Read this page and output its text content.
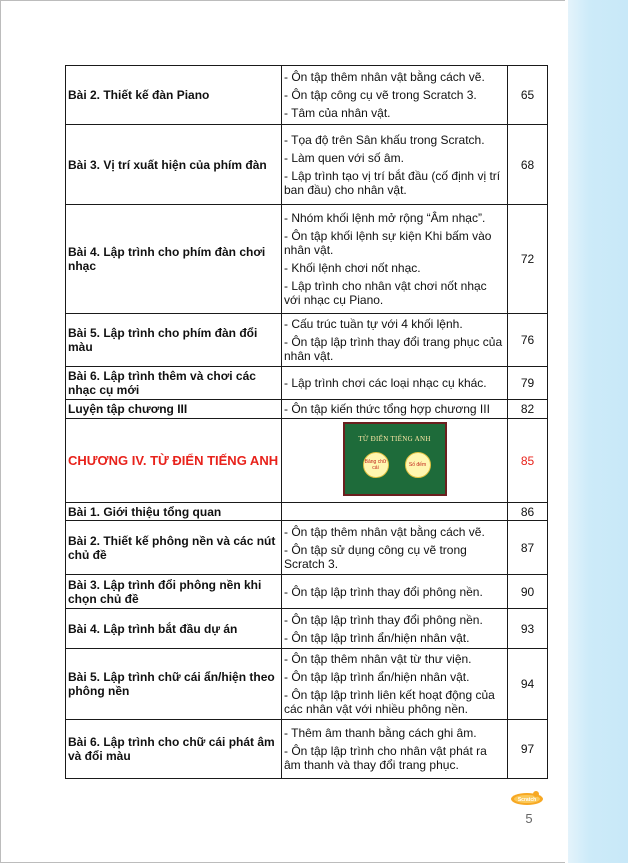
Bài 2. Thiết kế đàn Piano	- Ôn tập thêm nhân vật bằng cách vẽ.
- Ôn tập công cụ vẽ trong Scratch 3.
- Tâm của nhân vật.	65
Bài 3. Vị trí xuất hiện của phím đàn	- Tọa độ trên Sân khấu trong Scratch.
- Làm quen với số âm.
- Lập trình tạo vị trí bắt đầu (cố định vị trí ban đầu) cho nhân vật.	68
Bài 4. Lập trình cho phím đàn chơi nhạc	- Nhóm khối lệnh mở rộng “Âm nhạc”.
- Ôn tập khối lệnh sự kiện Khi bấm vào nhân vật.
- Khối lệnh chơi nốt nhạc.
- Lập trình cho nhân vật chơi nốt nhạc với nhạc cụ Piano.	72
Bài 5. Lập trình cho phím đàn đổi màu	- Cấu trúc tuần tự với 4 khối lệnh.
- Ôn tập lập trình thay đổi trang phục của nhân vật.	76
Bài 6. Lập trình thêm và chơi các nhạc cụ mới	- Lập trình chơi các loại nhạc cụ khác.	79
Luyện tập chương III	- Ôn tập kiến thức tổng hợp chương III	82
CHƯƠNG IV. TỪ ĐIỂN TIẾNG ANH	TỪ ĐIỂN TIẾNG ANH
Bảng chữ cái Số đếm	85
Bài 1. Giới thiệu tổng quan		86
Bài 2. Thiết kế phông nền và các nút chủ đề	- Ôn tập thêm nhân vật bằng cách vẽ.
- Ôn tập sử dụng công cụ vẽ trong Scratch 3.	87
Bài 3. Lập trình đổi phông nền khi chọn chủ đề	- Ôn tập lập trình thay đổi phông nền.	90
Bài 4. Lập trình bắt đầu dự án	- Ôn tập lập trình thay đổi phông nền.
- Ôn tập lập trình ẩn/hiện nhân vật.	93
Bài 5. Lập trình chữ cái ẩn/hiện theo phông nền	- Ôn tập thêm nhân vật từ thư viện.
- Ôn tập lập trình ẩn/hiện nhân vật.
- Ôn tập lập trình liên kết hoạt động của các nhân vật với nhiều phông nền.	94
Bài 6. Lập trình cho chữ cái phát âm và đổi màu	- Thêm âm thanh bằng cách ghi âm.
- Ôn tập lập trình cho nhân vật phát ra âm thanh và thay đổi trang phục.	97
Scratch
5
